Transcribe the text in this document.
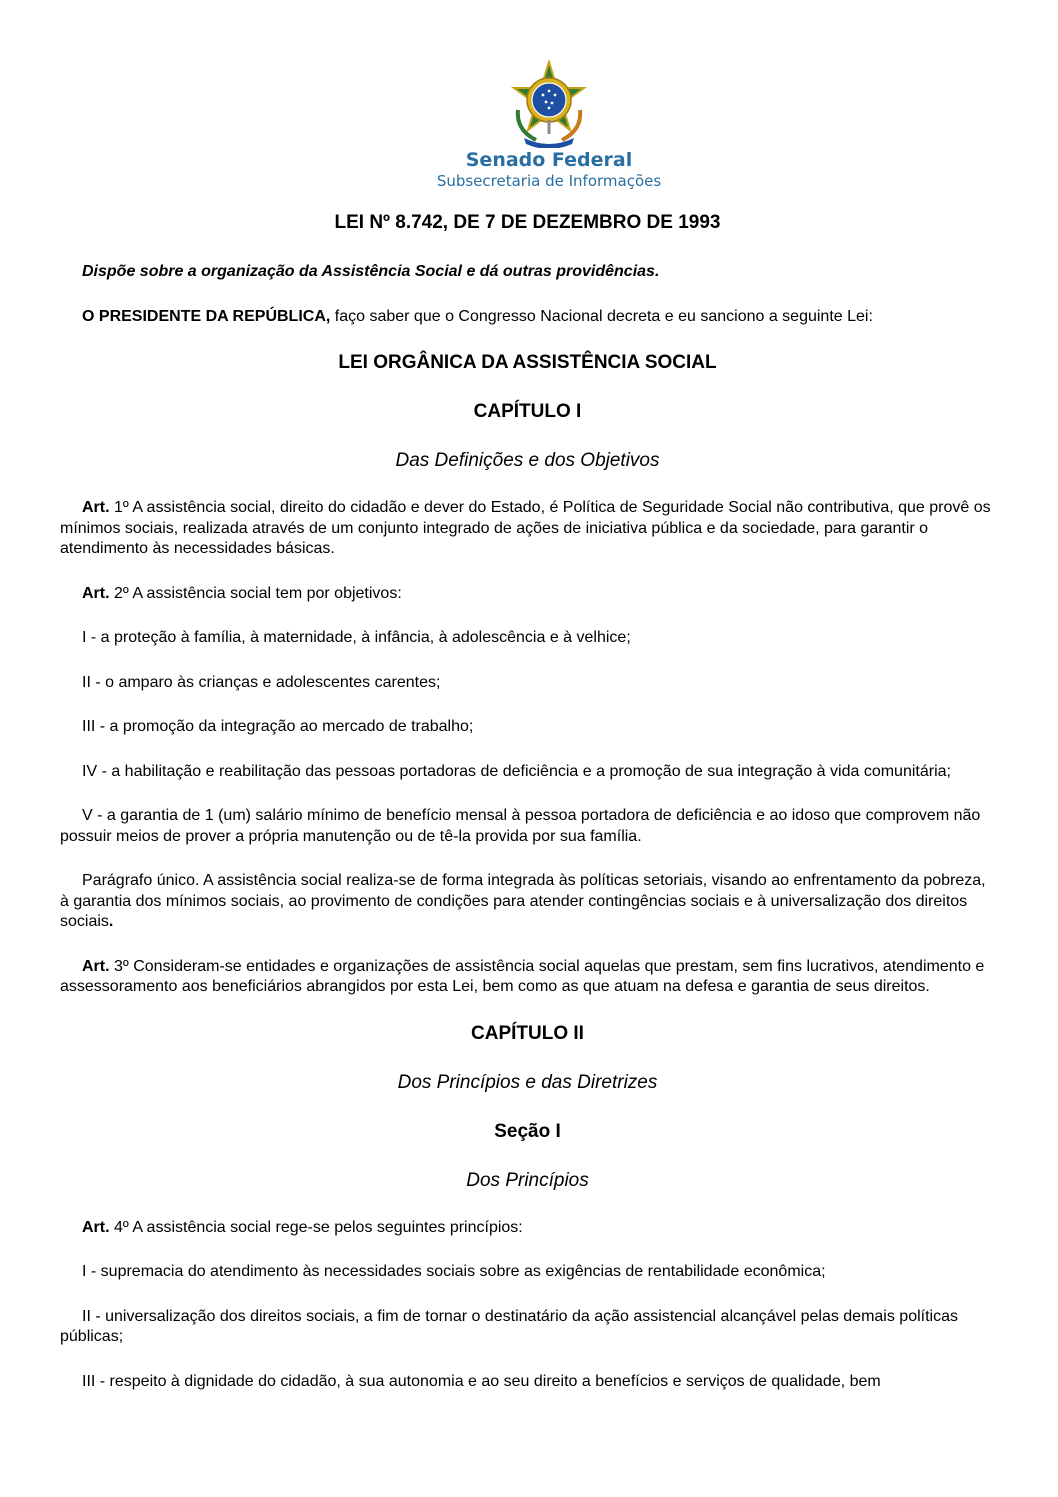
Senado Federal
Subsecretaria de Informações
LEI Nº 8.742, DE 7 DE DEZEMBRO DE 1993

Dispõe sobre a organização da Assistência Social e dá outras providências.

O PRESIDENTE DA REPÚBLICA, faço saber que o Congresso Nacional decreta e eu sanciono a seguinte Lei:

LEI ORGÂNICA DA ASSISTÊNCIA SOCIAL

CAPÍTULO I

Das Definições e dos Objetivos

Art. 1º A assistência social, direito do cidadão e dever do Estado, é Política de Seguridade Social não contributiva, que provê os mínimos sociais, realizada através de um conjunto integrado de ações de iniciativa pública e da sociedade, para garantir o atendimento às necessidades básicas.

Art. 2º A assistência social tem por objetivos:

I - a proteção à família, à maternidade, à infância, à adolescência e à velhice;

II - o amparo às crianças e adolescentes carentes;

III - a promoção da integração ao mercado de trabalho;

IV - a habilitação e reabilitação das pessoas portadoras de deficiência e a promoção de sua integração à vida comunitária;

V - a garantia de 1 (um) salário mínimo de benefício mensal à pessoa portadora de deficiência e ao idoso que comprovem não possuir meios de prover a própria manutenção ou de tê-la provida por sua família.

Parágrafo único. A assistência social realiza-se de forma integrada às políticas setoriais, visando ao enfrentamento da pobreza, à garantia dos mínimos sociais, ao provimento de condições para atender contingências sociais e à universalização dos direitos sociais.

Art. 3º Consideram-se entidades e organizações de assistência social aquelas que prestam, sem fins lucrativos, atendimento e assessoramento aos beneficiários abrangidos por esta Lei, bem como as que atuam na defesa e garantia de seus direitos.

CAPÍTULO II

Dos Princípios e das Diretrizes

Seção I

Dos Princípios

Art. 4º A assistência social rege-se pelos seguintes princípios:

I - supremacia do atendimento às necessidades sociais sobre as exigências de rentabilidade econômica;

II - universalização dos direitos sociais, a fim de tornar o destinatário da ação assistencial alcançável pelas demais políticas públicas;

III - respeito à dignidade do cidadão, à sua autonomia e ao seu direito a benefícios e serviços de qualidade, bem
